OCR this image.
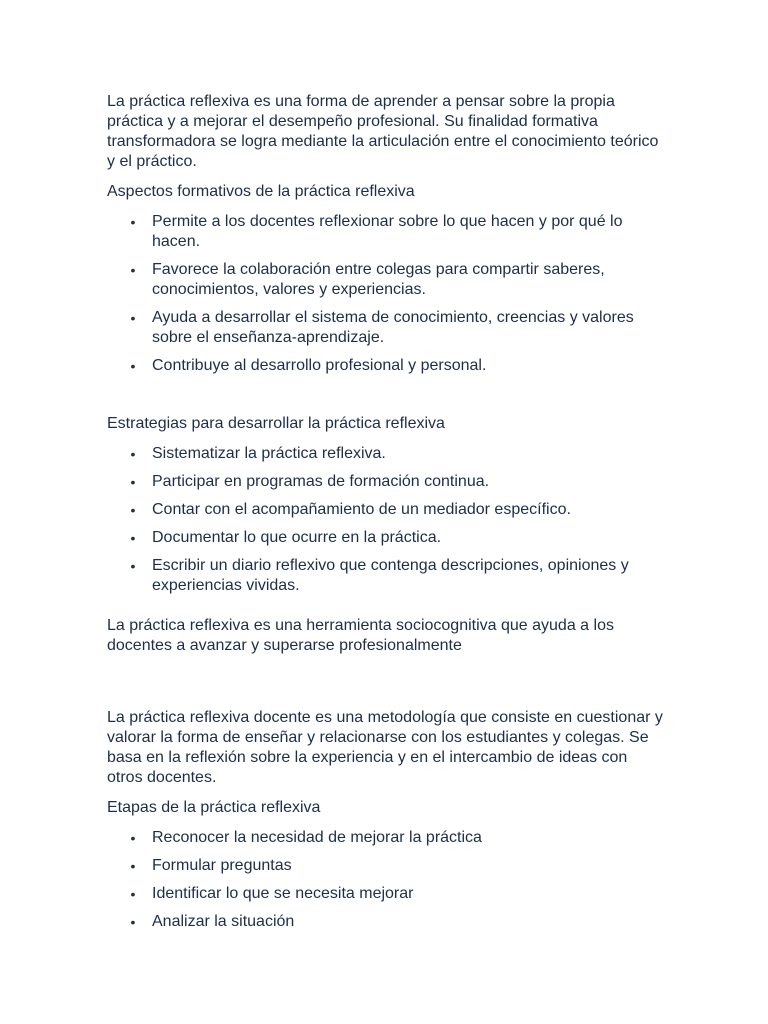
La práctica reflexiva es una forma de aprender a pensar sobre la propia práctica y a mejorar el desempeño profesional. Su finalidad formativa transformadora se logra mediante la articulación entre el conocimiento teórico y el práctico.

Aspectos formativos de la práctica reflexiva

• Permite a los docentes reflexionar sobre lo que hacen y por qué lo hacen.
• Favorece la colaboración entre colegas para compartir saberes, conocimientos, valores y experiencias.
• Ayuda a desarrollar el sistema de conocimiento, creencias y valores sobre el enseñanza-aprendizaje.
• Contribuye al desarrollo profesional y personal.

Estrategias para desarrollar la práctica reflexiva

• Sistematizar la práctica reflexiva.
• Participar en programas de formación continua.
• Contar con el acompañamiento de un mediador específico.
• Documentar lo que ocurre en la práctica.
• Escribir un diario reflexivo que contenga descripciones, opiniones y experiencias vividas.

La práctica reflexiva es una herramienta sociocognitiva que ayuda a los docentes a avanzar y superarse profesionalmente

La práctica reflexiva docente es una metodología que consiste en cuestionar y valorar la forma de enseñar y relacionarse con los estudiantes y colegas. Se basa en la reflexión sobre la experiencia y en el intercambio de ideas con otros docentes.

Etapas de la práctica reflexiva

• Reconocer la necesidad de mejorar la práctica
• Formular preguntas
• Identificar lo que se necesita mejorar
• Analizar la situación
